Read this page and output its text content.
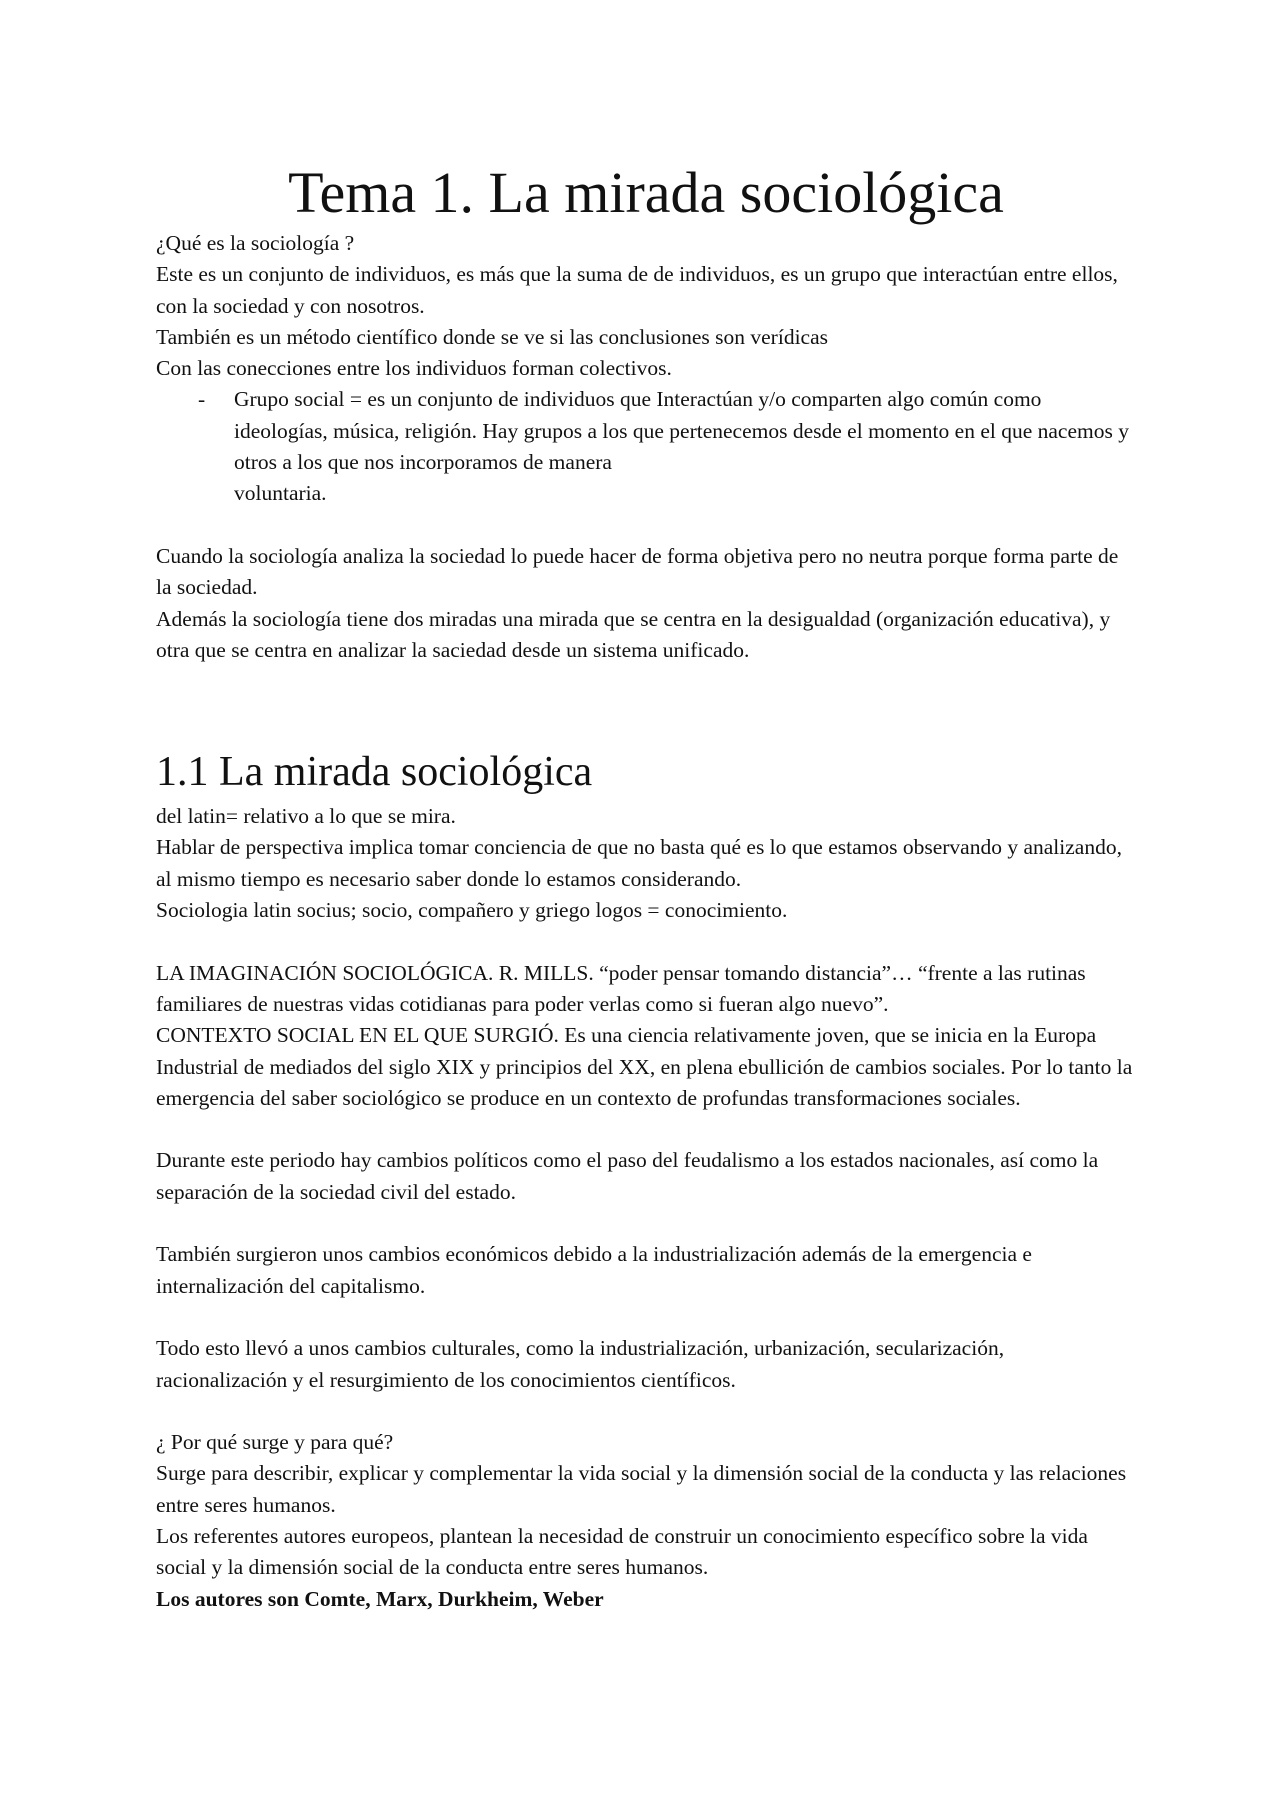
Tema 1. La mirada sociológica

¿Qué es la sociología ?

Este es un conjunto de individuos, es más que la suma de de individuos, es un grupo que interactúan entre ellos, con la sociedad y con nosotros.

También es un método científico donde se ve si las conclusiones son verídicas

Con las conecciones entre los individuos forman colectivos.

- Grupo social = es un conjunto de individuos que Interactúan y/o comparten algo común como ideologías, música, religión. Hay grupos a los que pertenecemos desde el momento en el que nacemos y otros a los que nos incorporamos de manera
voluntaria.

Cuando la sociología analiza la sociedad lo puede hacer de forma objetiva pero no neutra porque forma parte de la sociedad.

Además la sociología tiene dos miradas una mirada que se centra en la desigualdad (organización educativa), y otra que se centra en analizar la saciedad desde un sistema unificado.

1.1 La mirada sociológica

del latin= relativo a lo que se mira.

Hablar de perspectiva implica tomar conciencia de que no basta qué es lo que estamos observando y analizando, al mismo tiempo es necesario saber donde lo estamos considerando.

Sociologia latin socius; socio, compañero y griego logos = conocimiento.

LA IMAGINACIÓN SOCIOLÓGICA. R. MILLS. “poder pensar tomando distancia”… “frente a las rutinas familiares de nuestras vidas cotidianas para poder verlas como si fueran algo nuevo”.

CONTEXTO SOCIAL EN EL QUE SURGIÓ. Es una ciencia relativamente joven, que se inicia en la Europa Industrial de mediados del siglo XIX y principios del XX, en plena ebullición de cambios sociales. Por lo tanto la emergencia del saber sociológico se produce en un contexto de profundas transformaciones sociales.

Durante este periodo hay cambios políticos como el paso del feudalismo a los estados nacionales, así como la separación de la sociedad civil del estado.

También surgieron unos cambios económicos debido a la industrialización además de la emergencia e internalización del capitalismo.

Todo esto llevó a unos cambios culturales, como la industrialización, urbanización, secularización, racionalización y el resurgimiento de los conocimientos científicos.

¿ Por qué surge y para qué?

Surge para describir, explicar y complementar la vida social y la dimensión social de la conducta y las relaciones entre seres humanos.

Los referentes autores europeos, plantean la necesidad de construir un conocimiento específico sobre la vida social y la dimensión social de la conducta entre seres humanos.

Los autores son Comte, Marx, Durkheim, Weber
